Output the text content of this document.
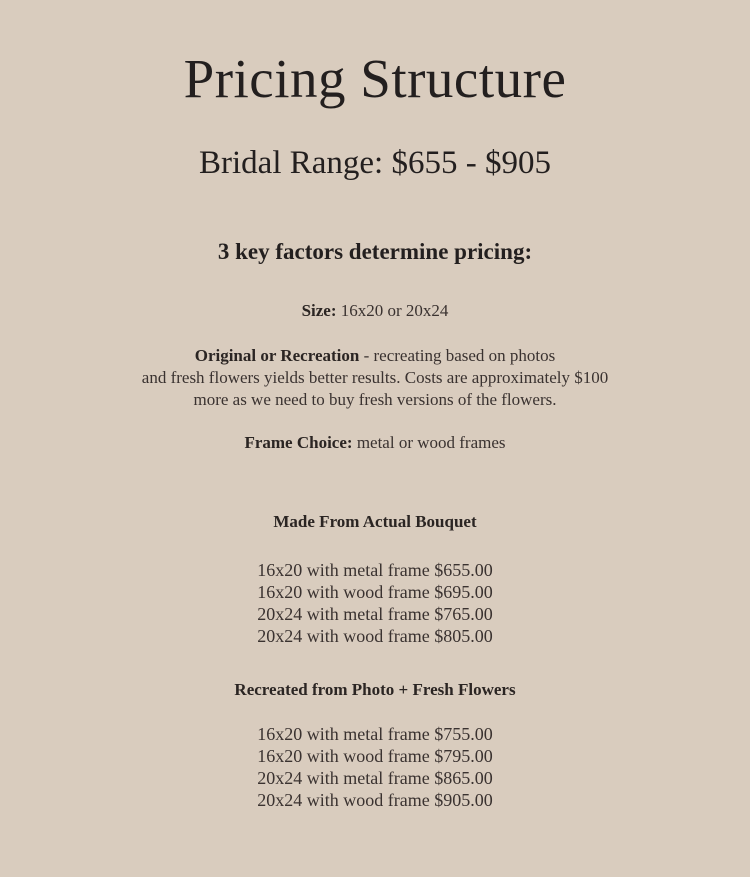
Pricing Structure
Bridal Range: $655 - $905
3 key factors determine pricing:
Size: 16x20 or 20x24
Original or Recreation - recreating based on photos
and fresh flowers yields better results. Costs are approximately $100
more as we need to buy fresh versions of the flowers.
Frame Choice: metal or wood frames
Made From Actual Bouquet
16x20 with metal frame $655.00
16x20 with wood frame $695.00
20x24 with metal frame $765.00
20x24 with wood frame $805.00
Recreated from Photo + Fresh Flowers
16x20 with metal frame $755.00
16x20 with wood frame $795.00
20x24 with metal frame $865.00
20x24 with wood frame $905.00
